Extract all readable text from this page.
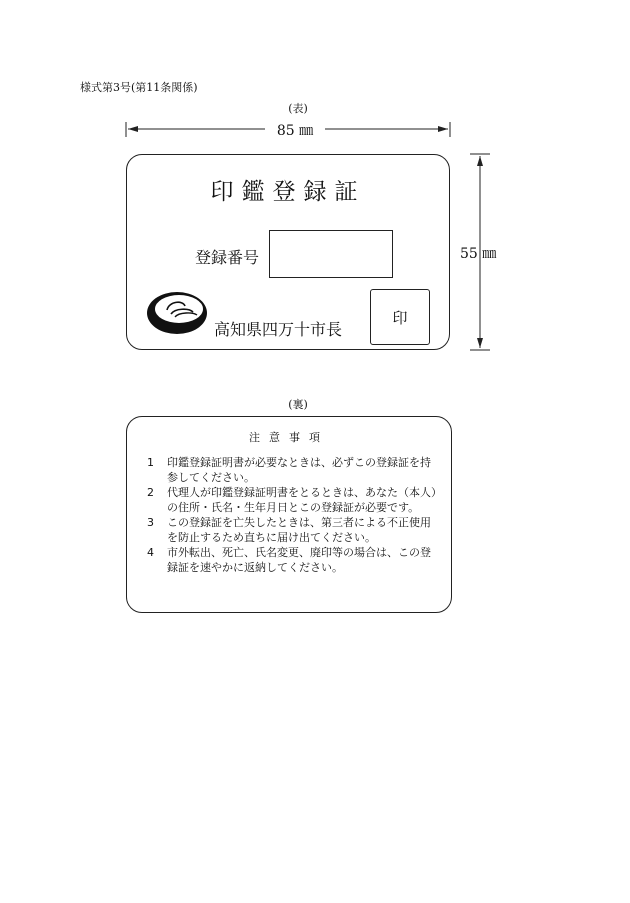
様式第3号(第11条関係)
(表)
85 ㎜
55 ㎜
印鑑登録証
登録番号
高知県四万十市長
印
(裏)
注意事項
1	印鑑登録証明書が必要なときは、必ずこの登録証を持参してください。
2	代理人が印鑑登録証明書をとるときは、あなた（本人）の住所・氏名・生年月日とこの登録証が必要です。
3	この登録証を亡失したときは、第三者による不正使用を防止するため直ちに届け出てください。
4	市外転出、死亡、氏名変更、廃印等の場合は、この登録証を速やかに返納してください。
